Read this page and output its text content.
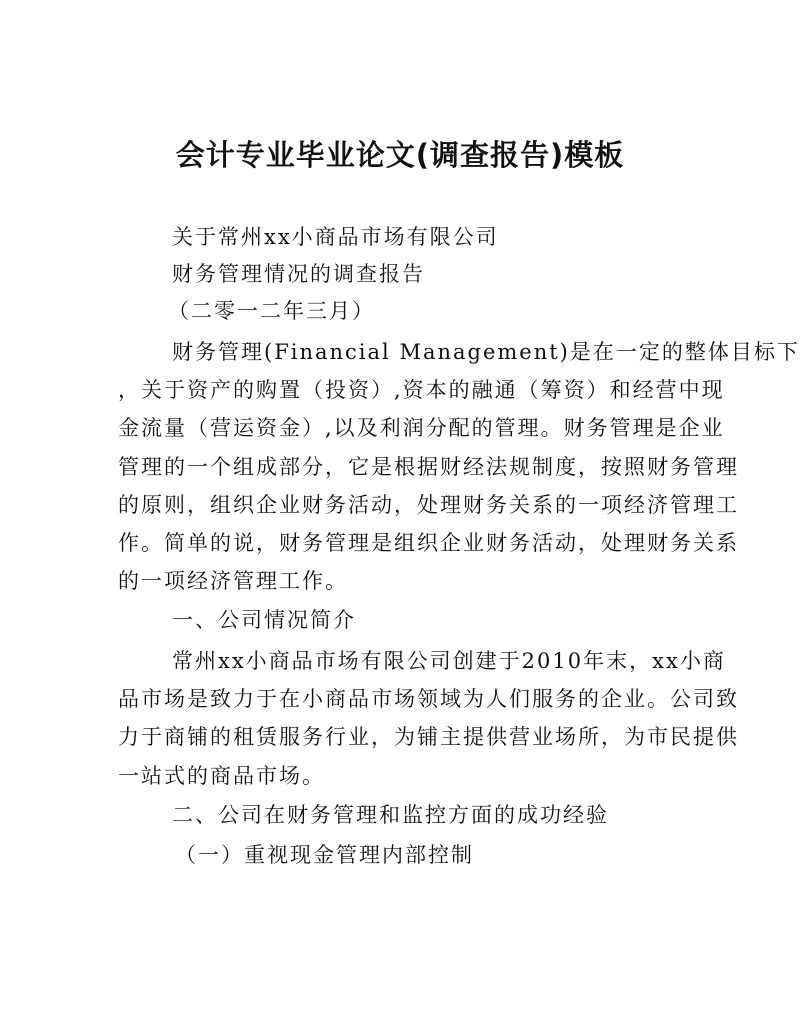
会计专业毕业论文(调查报告)模板
关于常州xx小商品市场有限公司
财务管理情况的调查报告
（二零一二年三月）
财务管理(Financial Management)是在一定的整体目标下
，关于资产的购置（投资）,资本的融通（筹资）和经营中现
金流量（营运资金）,以及利润分配的管理。财务管理是企业
管理的一个组成部分，它是根据财经法规制度，按照财务管理
的原则，组织企业财务活动，处理财务关系的一项经济管理工
作。简单的说，财务管理是组织企业财务活动，处理财务关系
的一项经济管理工作。
一、公司情况简介
常州xx小商品市场有限公司创建于2010年末，xx小商
品市场是致力于在小商品市场领域为人们服务的企业。公司致
力于商铺的租赁服务行业，为铺主提供营业场所，为市民提供
一站式的商品市场。
二、公司在财务管理和监控方面的成功经验
（一）重视现金管理内部控制
